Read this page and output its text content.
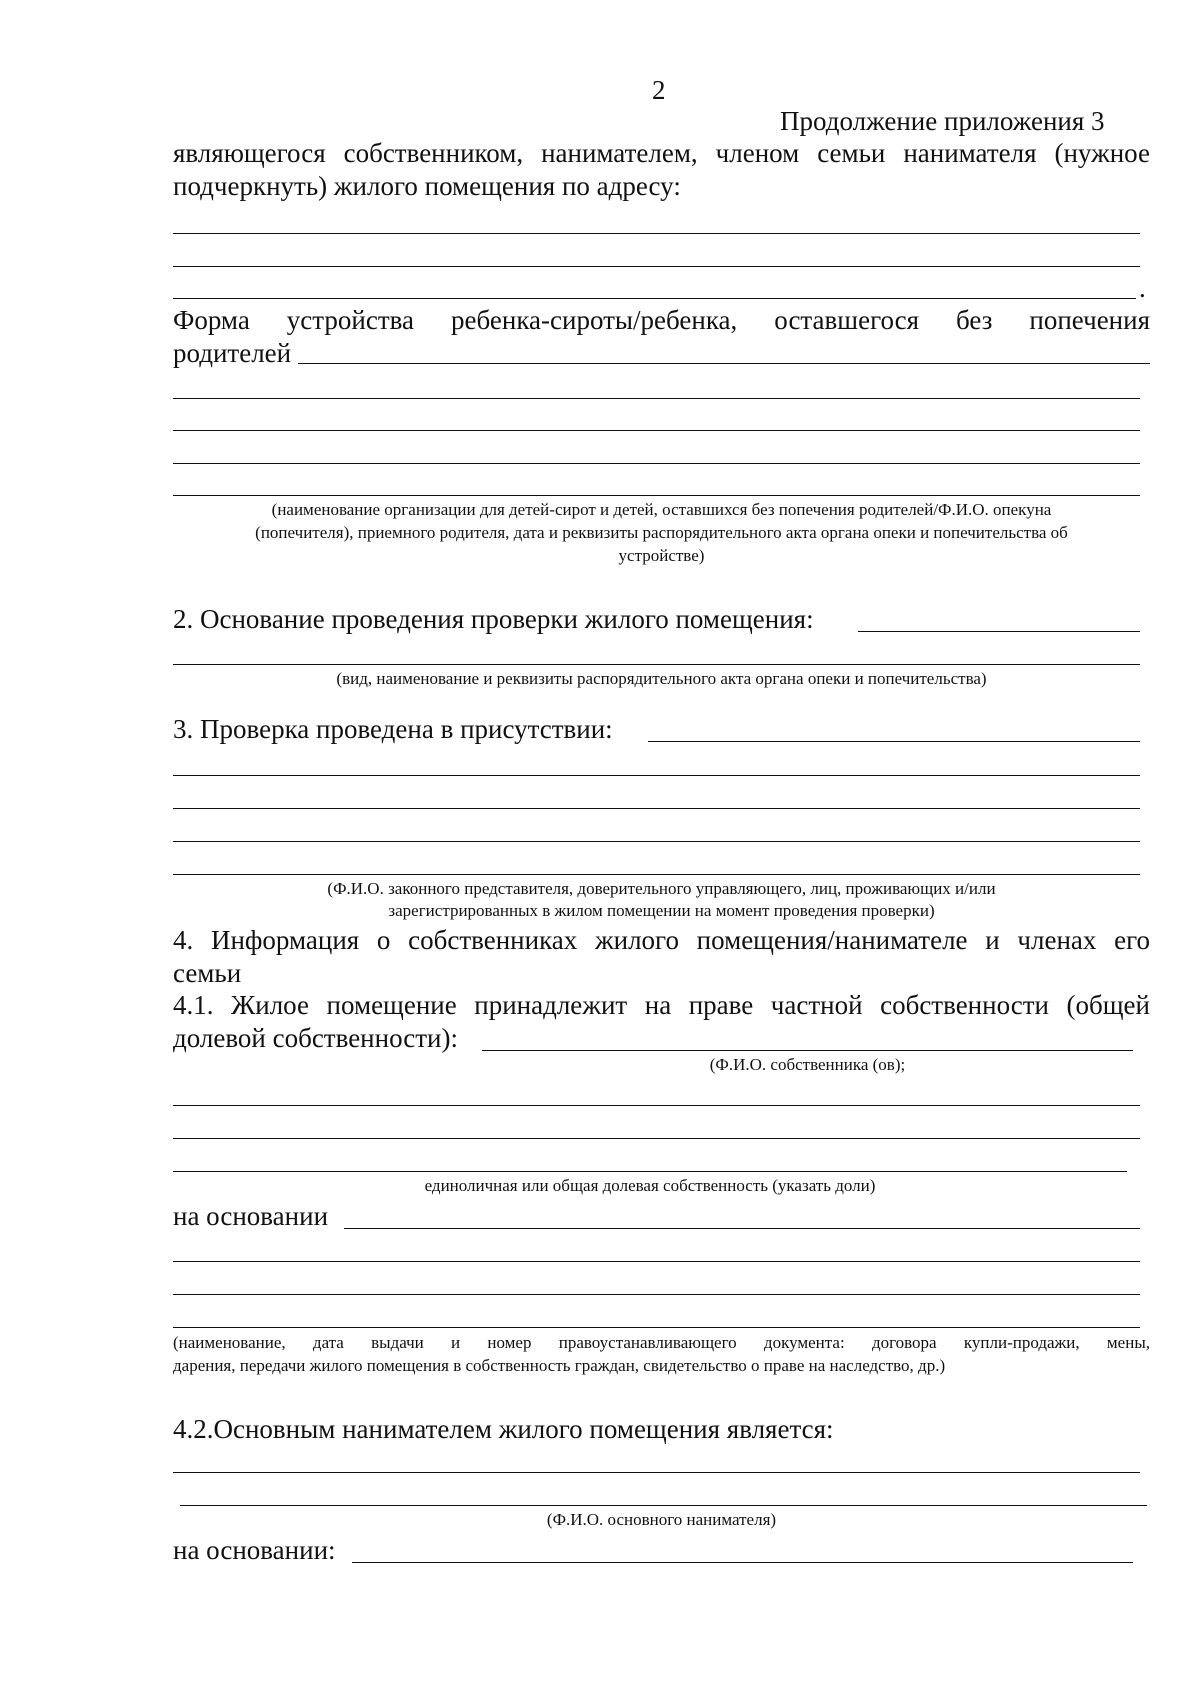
2
Продолжение приложения 3
являющегося собственником, нанимателем, членом семьи нанимателя (нужное
подчеркнуть) жилого помещения по адресу:
.
Форма устройства ребенка-сироты/ребенка, оставшегося без попечения
родителей
(наименование организации для детей-сирот и детей, оставшихся без попечения родителей/Ф.И.О. опекуна
(попечителя), приемного родителя, дата и реквизиты распорядительного акта органа опеки и попечительства об
устройстве)
2. Основание проведения проверки жилого помещения:
(вид, наименование и реквизиты распорядительного акта органа опеки и попечительства)
3. Проверка проведена в присутствии:
(Ф.И.О. законного представителя, доверительного управляющего, лиц, проживающих и/или
зарегистрированных в жилом помещении на момент проведения проверки)
4. Информация о собственниках жилого помещения/нанимателе и членах его
семьи
4.1. Жилое помещение принадлежит на праве частной собственности (общей
долевой собственности):
(Ф.И.О. собственника (ов);
единоличная или общая долевая собственность (указать доли)
на основании
(наименование, дата выдачи и номер правоустанавливающего документа: договора купли-продажи, мены,
дарения, передачи жилого помещения в собственность граждан, свидетельство о праве на наследство, др.)
4.2.Основным нанимателем жилого помещения является:
(Ф.И.О. основного нанимателя)
на основании:
